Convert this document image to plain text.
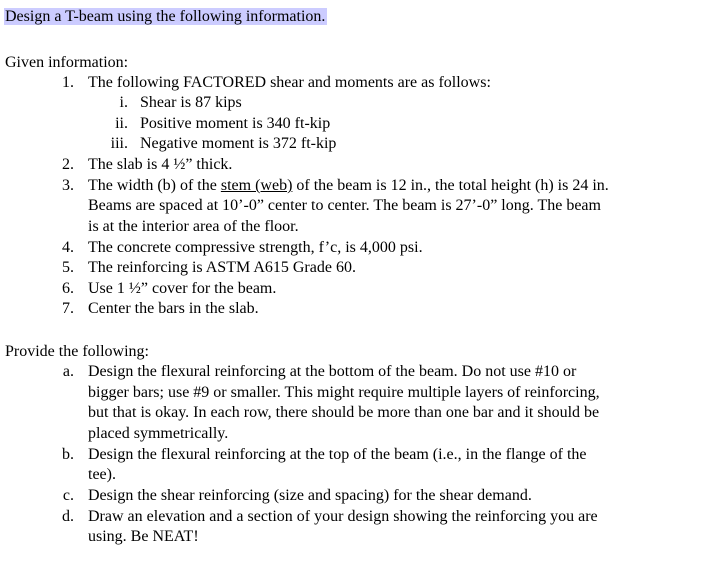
Design a T-beam using the following information.
Given information:
1. The following FACTORED shear and moments are as follows:
i. Shear is 87 kips
ii. Positive moment is 340 ft-kip
iii. Negative moment is 372 ft-kip
2. The slab is 4 ½” thick.
3. The width (b) of the stem (web) of the beam is 12 in., the total height (h) is 24 in.
Beams are spaced at 10’-0” center to center. The beam is 27’-0” long. The beam
is at the interior area of the floor.
4. The concrete compressive strength, f’c, is 4,000 psi.
5. The reinforcing is ASTM A615 Grade 60.
6. Use 1 ½” cover for the beam.
7. Center the bars in the slab.
Provide the following:
a. Design the flexural reinforcing at the bottom of the beam. Do not use #10 or
bigger bars; use #9 or smaller. This might require multiple layers of reinforcing,
but that is okay. In each row, there should be more than one bar and it should be
placed symmetrically.
b. Design the flexural reinforcing at the top of the beam (i.e., in the flange of the
tee).
c. Design the shear reinforcing (size and spacing) for the shear demand.
d. Draw an elevation and a section of your design showing the reinforcing you are
using. Be NEAT!
